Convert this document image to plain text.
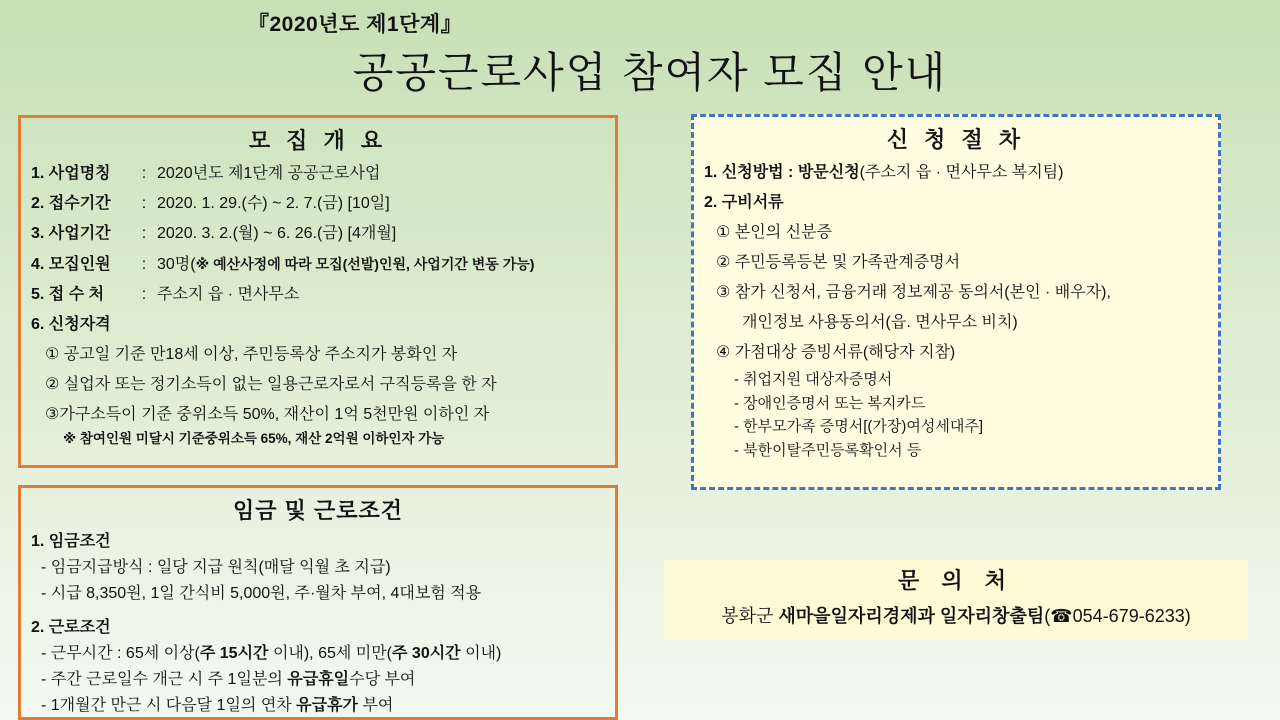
『2020년도 제1단계』
공공근로사업 참여자 모집 안내
모 집 개 요
1. 사업명칭 : 2020년도 제1단계 공공근로사업
2. 접수기간 : 2020. 1. 29.(수) ~ 2. 7.(금) [10일]
3. 사업기간 : 2020. 3. 2.(월) ~ 6. 26.(금) [4개월]
4. 모집인원 : 30명(※ 예산사정에 따라 모집(선발)인원, 사업기간 변동 가능)
5. 접 수 처 : 주소지 읍 · 면사무소
6. 신청자격
① 공고일 기준 만18세 이상, 주민등록상 주소지가 봉화인 자
② 실업자 또는 정기소득이 없는 일용근로자로서 구직등록을 한 자
③가구소득이 기준 중위소득 50%, 재산이 1억 5천만원 이하인 자
※ 참여인원 미달시 기준중위소득 65%, 재산 2억원 이하인자 가능
임금 및 근로조건
1. 임금조건
- 임금지급방식 : 일당 지급 원칙(매달 익월 초 지급)
- 시급 8,350원, 1일 간식비 5,000원, 주·월차 부여, 4대보험 적용
2. 근로조건
- 근무시간 : 65세 이상(주 15시간 이내), 65세 미만(주 30시간 이내)
- 주간 근로일수 개근 시 주 1일분의 유급휴일수당 부여
- 1개월간 만근 시 다음달 1일의 연차 유급휴가 부여
신 청 절 차
1. 신청방법 : 방문신청(주소지 읍 · 면사무소 복지팀)
2. 구비서류
① 본인의 신분증
② 주민등록등본 및 가족관계증명서
③ 참가 신청서, 금융거래 정보제공 동의서(본인 · 배우자),
개인정보 사용동의서(읍. 면사무소 비치)
④ 가점대상 증빙서류(해당자 지참)
- 취업지원 대상자증명서
- 장애인증명서 또는 복지카드
- 한부모가족 증명서[(가장)여성세대주]
- 북한이탈주민등록확인서 등
문 의 처
봉화군 새마을일자리경제과 일자리창출팀(☎054-679-6233)
